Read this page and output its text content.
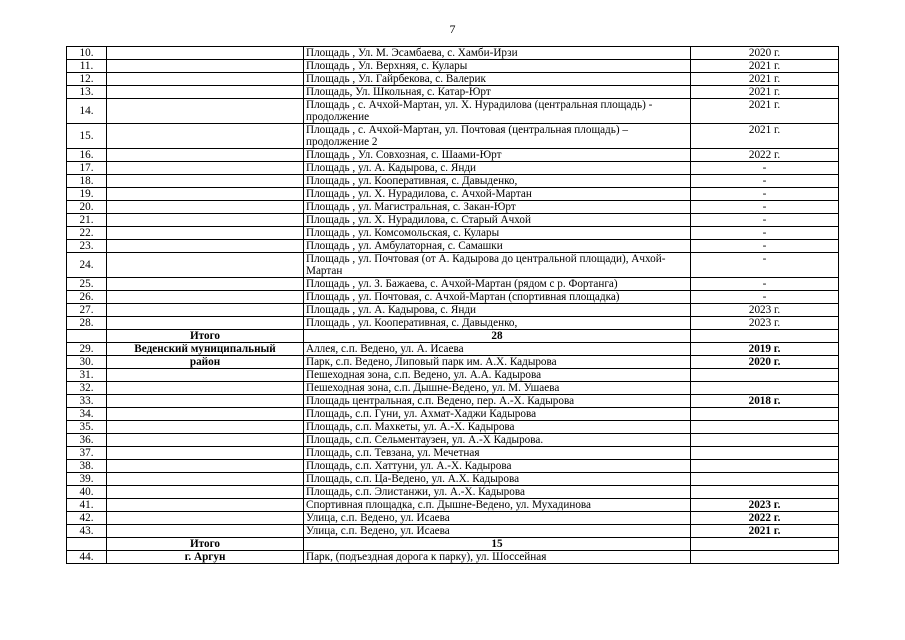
7
10.		Площадь , Ул. М. Эсамбаева, с. Хамби-Ирзи	2020 г.
11.		Площадь , Ул. Верхняя, с. Кулары	2021 г.
12.		Площадь , Ул. Гайрбекова, с. Валерик	2021 г.
13.		Площадь, Ул. Школьная, с. Катар-Юрт	2021 г.
14.		Площадь , с. Ачхой-Мартан, ул. Х. Нурадилова (центральная площадь) - продолжение	2021 г.
15.		Площадь , с. Ачхой-Мартан, ул. Почтовая (центральная площадь) – продолжение 2	2021 г.
16.		Площадь , Ул. Совхозная, с. Шаами-Юрт	2022 г.
17.		Площадь , ул. А. Кадырова, с. Янди	-
18.		Площадь , ул. Кооперативная, с. Давыденко,	-
19.		Площадь , ул. Х. Нурадилова, с. Ачхой-Мартан	-
20.		Площадь , ул. Магистральная, с. Закан-Юрт	-
21.		Площадь , ул. Х. Нурадилова, с. Старый Ачхой	-
22.		Площадь , ул. Комсомольская, с. Кулары	-
23.		Площадь , ул. Амбулаторная, с. Самашки	-
24.		Площадь , ул. Почтовая (от А. Кадырова до центральной площади), Ачхой-Мартан	-
25.		Площадь , ул. З. Бажаева, с. Ачхой-Мартан (рядом с р. Фортанга)	-
26.		Площадь , ул. Почтовая, с. Ачхой-Мартан (спортивная площадка)	-
27.		Площадь , ул. А. Кадырова, с. Янди	2023 г.
28.		Площадь , ул. Кооперативная, с. Давыденко,	2023 г.
	Итого	28	
29.	Веденский муниципальный	Аллея, с.п. Ведено, ул. А. Исаева	2019 г.
30.	район	Парк, с.п. Ведено, Липовый парк им. А.Х. Кадырова	2020 г.
31.		Пешеходная зона, с.п. Ведено, ул. А.А. Кадырова	
32.		Пешеходная зона, с.п. Дышне-Ведено, ул. М. Ушаева	
33.		Площадь центральная, с.п. Ведено, пер. А.-Х. Кадырова	2018 г.
34.		Площадь, с.п. Гуни, ул. Ахмат-Хаджи Кадырова	
35.		Площадь, с.п. Махкеты, ул. А.-Х. Кадырова	
36.		Площадь, с.п. Сельментаузен, ул. А.-Х Кадырова.	
37.		Площадь, с.п. Тевзана, ул. Мечетная	
38.		Площадь, с.п. Хаттуни, ул. А.-Х. Кадырова	
39.		Площадь, с.п. Ца-Ведено, ул. А.Х. Кадырова	
40.		Площадь, с.п. Элистанжи, ул. А.-Х. Кадырова	
41.		Спортивная площадка, с.п. Дышне-Ведено, ул. Мухадинова	2023 г.
42.		Улица, с.п. Ведено, ул. Исаева	2022 г.
43.		Улица, с.п. Ведено, ул. Исаева	2021 г.
	Итого	15	
44.	г. Аргун	Парк, (подъездная дорога к парку), ул. Шоссейная	
